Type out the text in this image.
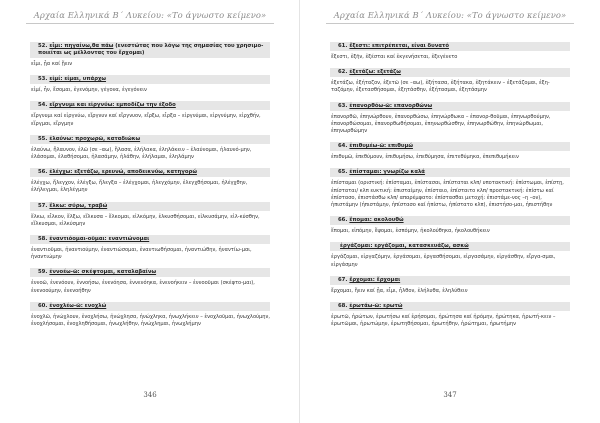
Αρχαία Ελληνικά Β΄ Λυκείου: «Το άγνωστο κείμενο»
52. εἶμι: πηγαίνω,θα πάω (ενεστώτας που λόγω της σημασίας του χρησιμο-ποιείται ως μέλλοντας του ἔρχομαι)
εἶμι, ᾖα καί ᾔειν
53. εἰμί: είμαι, υπάρχω
εἰμί, ἦν, ἔσομαι, ἐγενόμην, γέγονα, ἐγεγόνειν
54. εἴργνυμι και εἰργνύω: εμποδίζω την έξοδο
εἴργνυμι καί εἰργνύω, εἴργνυν καί εἴργνυον, εἴρξω, εἶρξα – εἰργνύμαι, εἰργνύμην, εἱρχθήν, εἵργμαι, εἵργμην
55. ἐλαύνω: προχωρῶ, καταδιώκω
ἐλαύνω, ἤλαυνον, ἐλῶ (σε –αω), ἤλασα, ἐλήλακα, ἐληλάκειν – ἐλαύνομαι, ἠλαυνό-μην, ἐλάσομαι, ἐλαθήσομαι, ἠλασάμην, ἠλάθην, ἐλήλαμαι, ἐληλάμην
56. ἐλέγχω: εξετάζω, ερευνώ, αποδεικνύω, κατηγορώ
ἐλέγχω, ἤλεγχον, ἐλέγξω, ἤλεγξα – ἐλέγχομαι, ἠλεγχόμην, ἐλεγχθήσομαι, ἠλέγχθην, ἐλήλεγμαι, ἐληλέγμην
57. ἕλκω: σύρω, τραβώ
ἕλκω, εἷλκον, ἕλξω, εἵλκυσα – ἕλκομαι, εἱλκόμην, ἑλκυσθήσομαι, εἱλκυσάμην, εἱλ-κύσθην, εἵλκυσμαι, εἱλκύσμην
58. ἐναντιόομαι-οῦμαι: εναντιώνομαι
ἐναντιοῦμαι, ἠναντιούμην, ἐναντιώσομαι, ἐναντιωθήσομαι, ἠναντιώθην, ἠναντίω-μαι, ἠναντιώμην
59. ἐννοέω-ῶ: σκέφτομαι, καταλαβαίνω
ἐννοῶ, ἐνενόουν, ἐννοήσω, ἐνενόησα, ἐννενόηκα, ἐνενοήκειν – ἐννοοῦμαι (σκέφτο-μαι), ἐνενοούμην, ἐνενοήθην
60. ἐνοχλέω-ῶ: ενοχλώ
ἐνοχλῶ, ἠνώχλουν, ἐνοχλήσω, ἠνώχλησα, ἠνώχληκα, ἠνωχλήκειν – ἐνοχλοῦμαι, ἠνωχλούμην, ἐνοχλήσομαι, ἐνοχληθήσομαι, ἠνωχλήθην, ἠνώχλημαι, ἠνωχλήμην
346
Αρχαία Ελληνικά Β΄ Λυκείου: «Το άγνωστο κείμενο»
61. ἔξεστι: επιτρέπεται, είναι δυνατό
ἔξεστι, ἐξῆν, ἐξέσται καί ἐκγενήσεται, ἐξεγένετο
62. ἐξετάζω: εξετάζω
ἐξετάζω, ἐξήταζον, ἐξετῶ (σε –αω), ἐξήτασα, ἐξήτακα, ἐξητάκειν – ἐξετάζομαι, ἐξη-ταζόμην, ἐξετασθήσομαι, ἐξητάσθην, ἐξήτασμαι, ἐξητάσμην
63. ἐπανορθόω-ῶ: επανορθώνω
ἐπανορθῶ, ἐπηνώρθουν, ἐπανορθώσω, ἐπηνώρθωκα – ἐπανορ-θοῦμαι, ἐπηνωρθούμην, ἐπανορθώσομαι, ἐπανορθωθήσομαι, ἐπηνωρθώσθην, ἐπηνωρθώθην, ἐπηνώρθωμαι, ἐπηνωρθώμην
64. ἐπιθυμέω-ῶ: επιθυμώ
ἐπιθυμῶ, ἐπεθύμουν, ἐπιθυμήσω, ἐπεθύμησα, ἐπιτεθύμηκα, ἐπεπιθυμήκειν
65. ἐπίσταμαι: γνωρίζω καλά
ἐπίσταμαι (οριστική: ἐπίσταμαι, ἐπίστασαι, ἐπίσταται κλπ/ υποτακτική: ἐπίστωμαι, ἐπίστῃ, ἐπίσταται/ κλπ ευκτική: ἐπισταίμην, ἐπίσταιο, ἐπίσταιτο κλπ/ προστακτική: ἐπίστω καί ἐπίστασο, ἐπιστάσθω κλπ/ απαρέμφατο: ἐπίστασθαι μετοχή: ἐπιστάμε-νος –η –ον), ἠπιστάμην (ἠπιστάμην, ἠπίστασο καί ἠπίστω, ἠπίστατο κλπ), ἐπιστήσο-μαι, ἠπιστήθην
66. ἕπομαι: ακολουθώ
ἕπομαι, εἱπόμην, ἕψομαι, ἑσπόμην, ἠκολούθηκα, ἠκολουθήκειν
ἐργάζομαι: εργάζομαι, κατασκευάζω, ασκώ
ἐργάζομαι, εἰργαζόμην, ἐργάσομαι, ἐργασθήσομαι, εἰργασάμην, εἰργάσθην, εἴργα-σμαι, εἰργάσμην
67. ἔρχομαι: ἔρχομαι
ἔρχομαι, ἤειν καί ᾖα, εἶμι, ἦλθον, ἐλήλυθα, ἐληλύθειν
68. ἐρωτάω-ῶ: ερωτώ
ἐρωτῶ, ἠρώτων, ἐρωτήσω καί ἐρήσομαι, ἠρώτησα καί ἠρόμην, ἠρώτηκα, ἠρωτή-κειν – ἐρωτῶμαι, ἠρωτώμην, ἐρωτηθήσομαι, ἠρωτήθην, ἠρώτημαι, ἠρωτήμην
347
